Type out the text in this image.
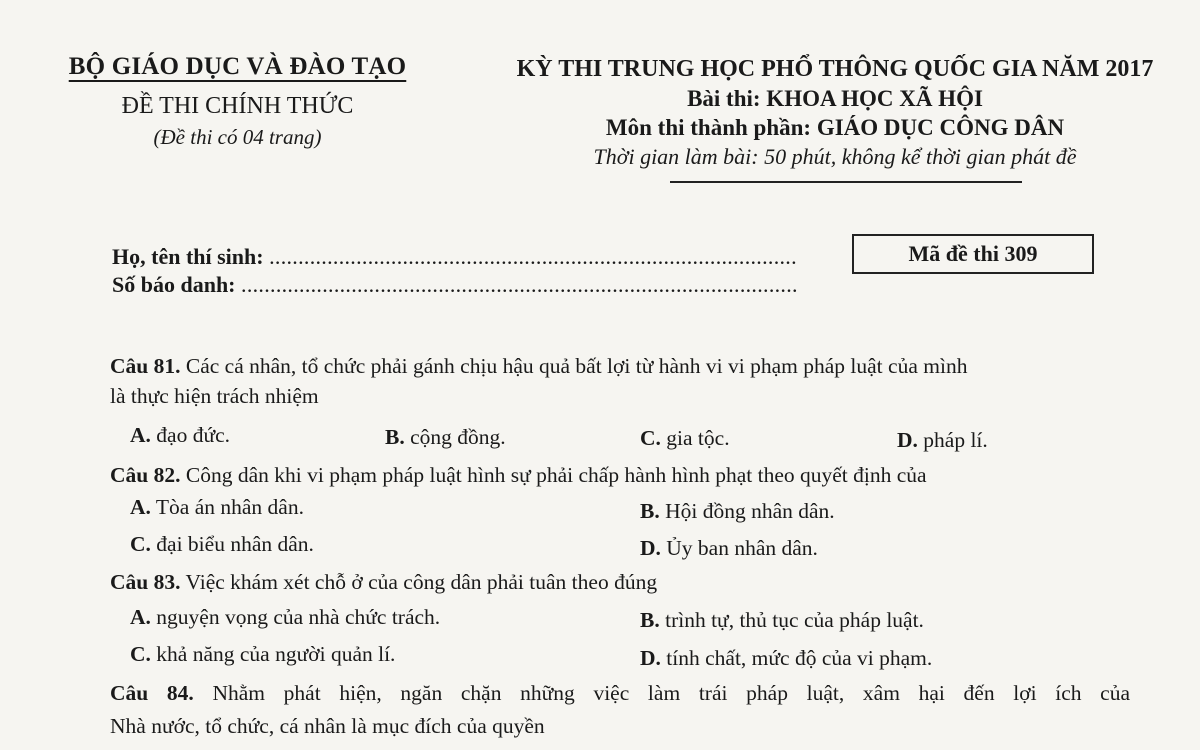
BỘ GIÁO DỤC VÀ ĐÀO TẠO
ĐỀ THI CHÍNH THỨC
(Đề thi có 04 trang)
KỲ THI TRUNG HỌC PHỔ THÔNG QUỐC GIA NĂM 2017
Bài thi: KHOA HỌC XÃ HỘI
Môn thi thành phần: GIÁO DỤC CÔNG DÂN
Thời gian làm bài: 50 phút, không kể thời gian phát đề
Họ, tên thí sinh: ...........................................................................................
Số báo danh: ................................................................................................
Mã đề thi 309
Câu 81. Các cá nhân, tổ chức phải gánh chịu hậu quả bất lợi từ hành vi vi phạm pháp luật của mình
là thực hiện trách nhiệm
A. đạo đức.	B. cộng đồng.	C. gia tộc.	D. pháp lí.
Câu 82. Công dân khi vi phạm pháp luật hình sự phải chấp hành hình phạt theo quyết định của
A. Tòa án nhân dân.	B. Hội đồng nhân dân.
C. đại biểu nhân dân.	D. Ủy ban nhân dân.
Câu 83. Việc khám xét chỗ ở của công dân phải tuân theo đúng
A. nguyện vọng của nhà chức trách.	B. trình tự, thủ tục của pháp luật.
C. khả năng của người quản lí.	D. tính chất, mức độ của vi phạm.
Câu 84. Nhằm phát hiện, ngăn chặn những việc làm trái pháp luật, xâm hại đến lợi ích của
Nhà nước, tổ chức, cá nhân là mục đích của quyền
